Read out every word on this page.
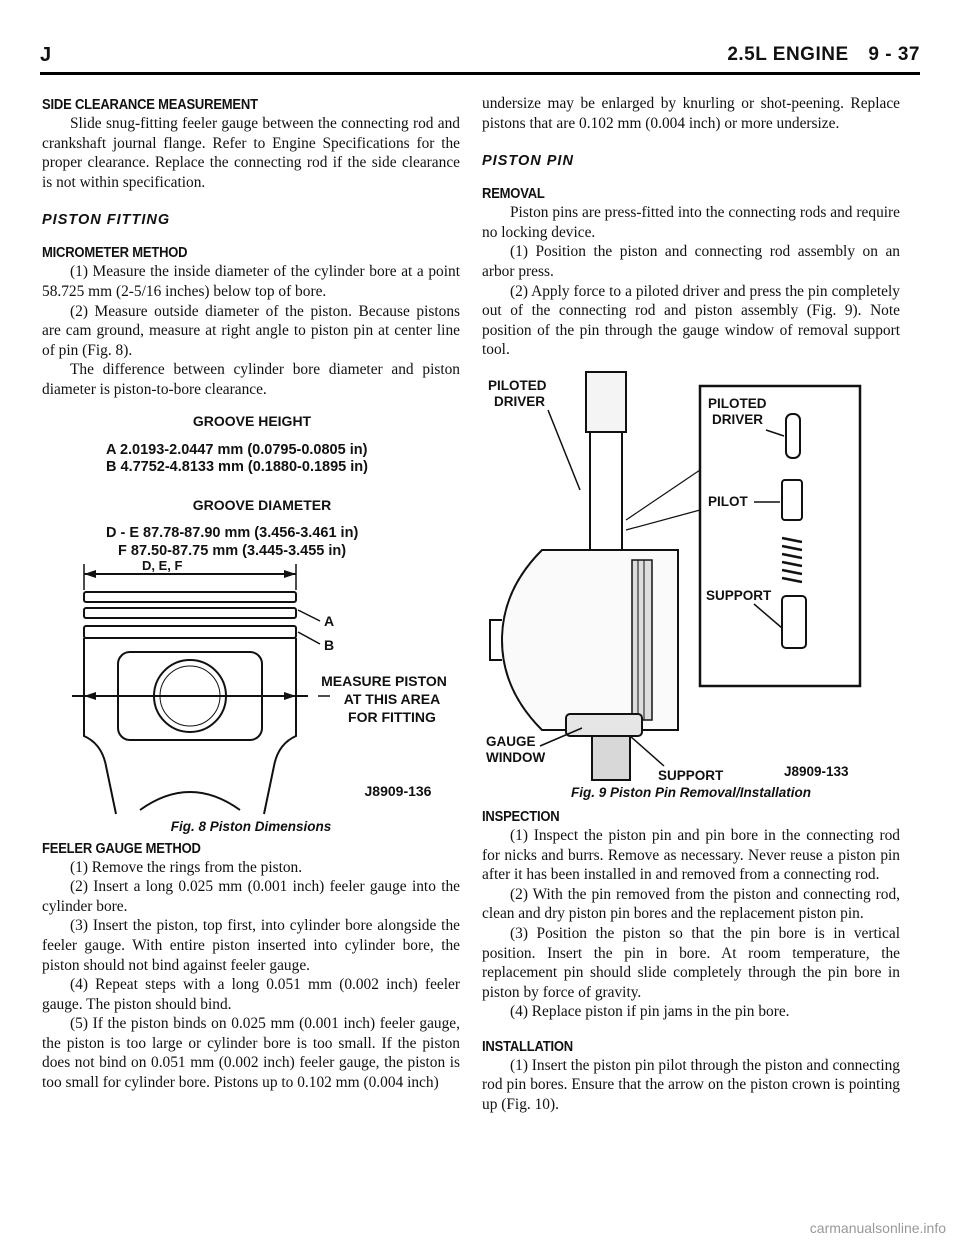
J	2.5L ENGINE 9 - 37
SIDE CLEARANCE MEASUREMENT

Slide snug-fitting feeler gauge between the connecting rod and crankshaft journal flange. Refer to Engine Specifications for the proper clearance. Replace the connecting rod if the side clearance is not within specification.

PISTON FITTING
MICROMETER METHOD

(1) Measure the inside diameter of the cylinder bore at a point 58.725 mm (2-5/16 inches) below top of bore.

(2) Measure outside diameter of the piston. Because pistons are cam ground, measure at right angle to piston pin at center line of pin (Fig. 8).

The difference between cylinder bore diameter and piston diameter is piston-to-bore clearance.

GROOVE HEIGHT
A 2.0193-2.0447 mm (0.0795-0.0805 in)
B 4.7752-4.8133 mm (0.1880-0.1895 in)
GROOVE DIAMETER
D - E 87.78-87.90 mm (3.456-3.461 in)
F 87.50-87.75 mm (3.445-3.455 in)
D, E, F
A
B
MEASURE PISTON
AT THIS AREA
FOR FITTING
J8909-136
Fig. 8 Piston Dimensions
FEELER GAUGE METHOD

(1) Remove the rings from the piston.

(2) Insert a long 0.025 mm (0.001 inch) feeler gauge into the cylinder bore.

(3) Insert the piston, top first, into cylinder bore alongside the feeler gauge. With entire piston inserted into cylinder bore, the piston should not bind against feeler gauge.

(4) Repeat steps with a long 0.051 mm (0.002 inch) feeler gauge. The piston should bind.

(5) If the piston binds on 0.025 mm (0.001 inch) feeler gauge, the piston is too large or cylinder bore is too small. If the piston does not bind on 0.051 mm (0.002 inch) feeler gauge, the piston is too small for cylinder bore. Pistons up to 0.102 mm (0.004 inch)

undersize may be enlarged by knurling or shot-peening. Replace pistons that are 0.102 mm (0.004 inch) or more undersize.

PISTON PIN
REMOVAL

Piston pins are press-fitted into the connecting rods and require no locking device.

(1) Position the piston and connecting rod assembly on an arbor press.

(2) Apply force to a piloted driver and press the pin completely out of the connecting rod and piston assembly (Fig. 9). Note position of the pin through the gauge window of removal support tool.

PILOTED
DRIVER	PILOTED
DRIVER
PILOT
SUPPORT
GAUGE
WINDOW
SUPPORT	J8909-133
Fig. 9 Piston Pin Removal/Installation
INSPECTION

(1) Inspect the piston pin and pin bore in the connecting rod for nicks and burrs. Remove as necessary. Never reuse a piston pin after it has been installed in and removed from a connecting rod.

(2) With the pin removed from the piston and connecting rod, clean and dry piston pin bores and the replacement piston pin.

(3) Position the piston so that the pin bore is in vertical position. Insert the pin in bore. At room temperature, the replacement pin should slide completely through the pin bore in piston by force of gravity.

(4) Replace piston if pin jams in the pin bore.

INSTALLATION

(1) Insert the piston pin pilot through the piston and connecting rod pin bores. Ensure that the arrow on the piston crown is pointing up (Fig. 10).

carmanualsonline.info
